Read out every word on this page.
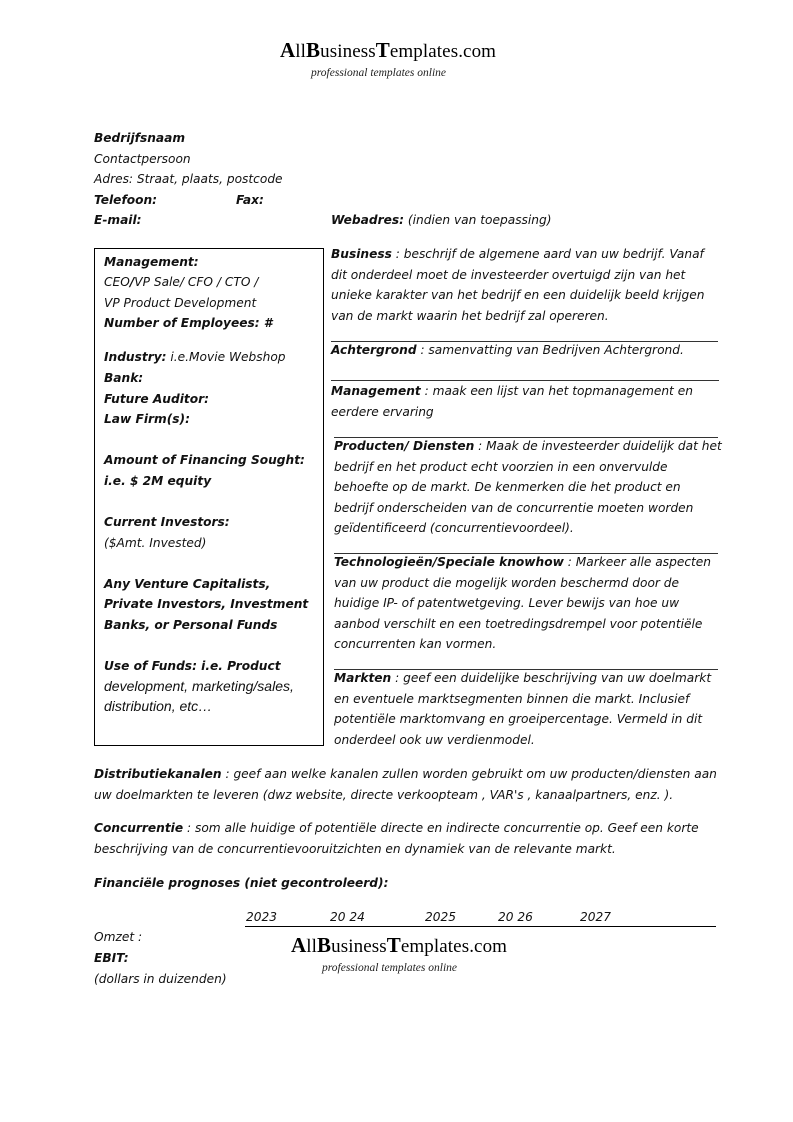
AllBusinessTemplates.com
professional templates online
Bedrijfsnaam
Contactpersoon
Adres: Straat, plaats, postcode
Telefoon:	Fax:
E-mail:	Webadres: (indien van toepassing)
Management:
CEO/VP Sale/ CFO / CTO /
VP Product Development
Number of Employees: #
Industry: i.e.Movie Webshop
Bank:
Future Auditor:
Law Firm(s):
Amount of Financing Sought:
i.e. $ 2M equity
Current Investors:
($Amt. Invested)
Any Venture Capitalists,
Private Investors, Investment
Banks, or Personal Funds
Use of Funds: i.e. Product
development, marketing/sales,
distribution, etc…
Business : beschrijf de algemene aard van uw bedrijf. Vanaf
dit onderdeel moet de investeerder overtuigd zijn van het
unieke karakter van het bedrijf en een duidelijk beeld krijgen
van de markt waarin het bedrijf zal opereren.
Achtergrond : samenvatting van Bedrijven Achtergrond.
Management : maak een lijst van het topmanagement en
eerdere ervaring
Producten/ Diensten : Maak de investeerder duidelijk dat het
bedrijf en het product echt voorzien in een onvervulde
behoefte op de markt. De kenmerken die het product en
bedrijf onderscheiden van de concurrentie moeten worden
geïdentificeerd (concurrentievoordeel).
Technologieën/Speciale knowhow : Markeer alle aspecten
van uw product die mogelijk worden beschermd door de
huidige IP- of patentwetgeving. Lever bewijs van hoe uw
aanbod verschilt en een toetredingsdrempel voor potentiële
concurrenten kan vormen.
Markten : geef een duidelijke beschrijving van uw doelmarkt
en eventuele marktsegmenten binnen die markt. Inclusief
potentiële marktomvang en groeipercentage. Vermeld in dit
onderdeel ook uw verdienmodel.
Distributiekanalen : geef aan welke kanalen zullen worden gebruikt om uw producten/diensten aan
uw doelmarkten te leveren (dwz website, directe verkoopteam , VAR's , kanaalpartners, enz. ).
Concurrentie : som alle huidige of potentiële directe en indirecte concurrentie op. Geef een korte
beschrijving van de concurrentievooruitzichten en dynamiek van de relevante markt.
Financiële prognoses (niet gecontroleerd):
2023	20 24	2025	20 26	2027
Omzet :
EBIT:
(dollars in duizenden)
AllBusinessTemplates.com
professional templates online
